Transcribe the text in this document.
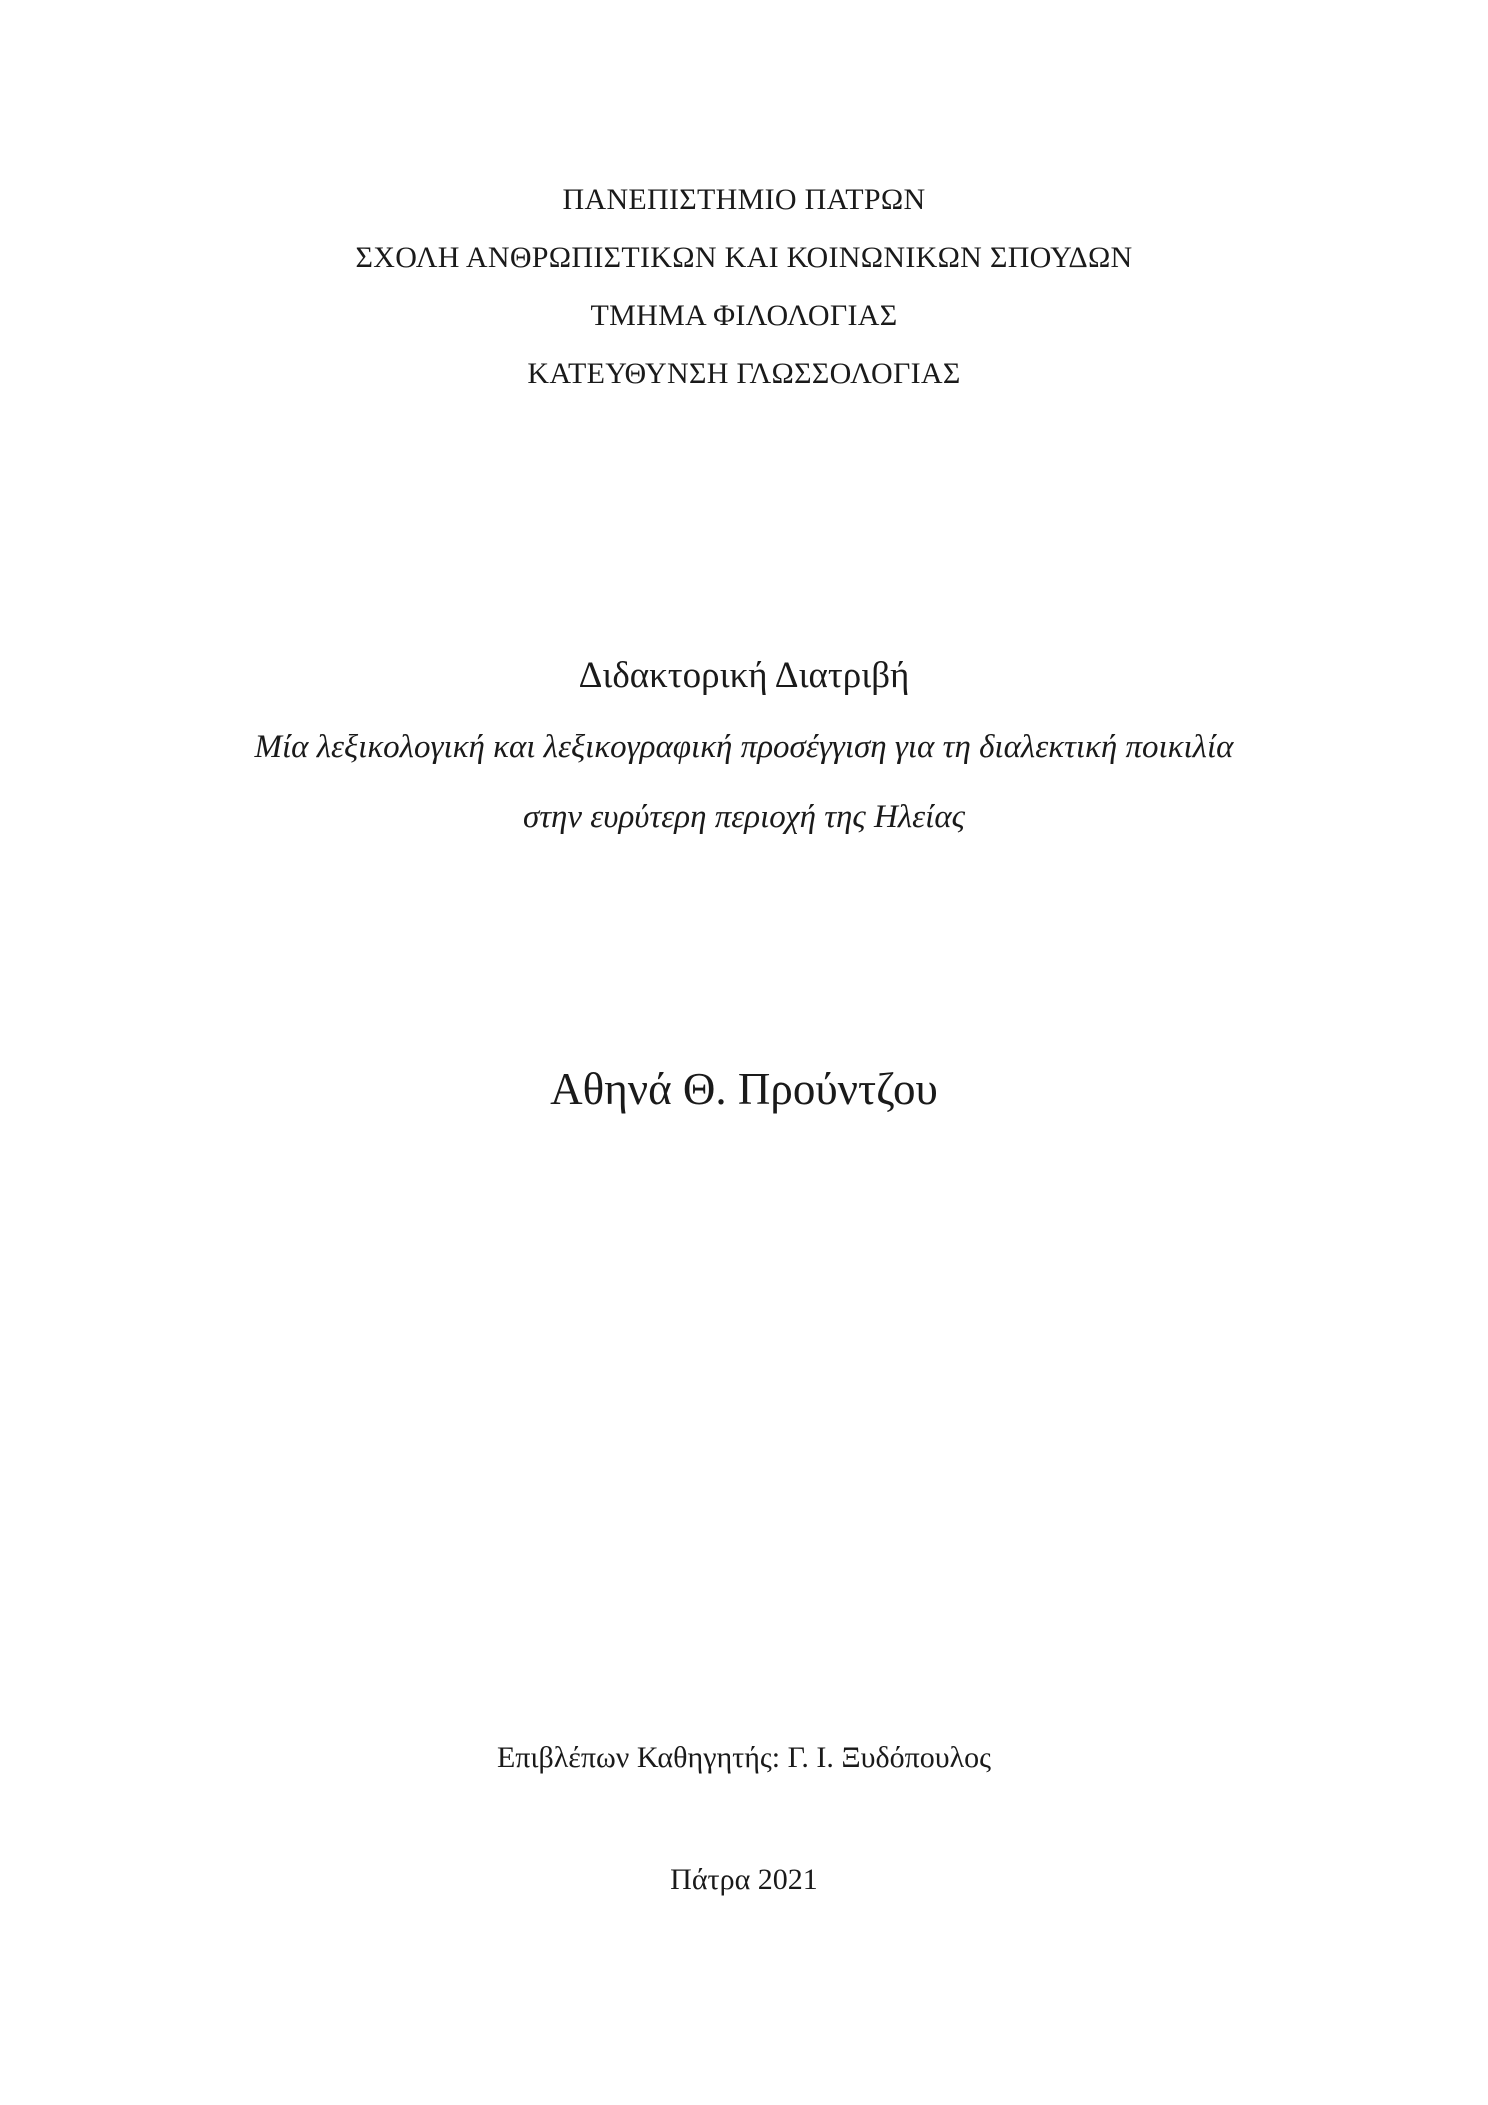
ΠΑΝΕΠΙΣΤΗΜΙΟ ΠΑΤΡΩΝ
ΣΧΟΛΗ ΑΝΘΡΩΠΙΣΤΙΚΩΝ ΚΑΙ ΚΟΙΝΩΝΙΚΩΝ ΣΠΟΥΔΩΝ
ΤΜΗΜΑ ΦΙΛΟΛΟΓΙΑΣ
ΚΑΤΕΥΘΥΝΣΗ ΓΛΩΣΣΟΛΟΓΙΑΣ
Διδακτορική Διατριβή
Μία λεξικολογική και λεξικογραφική προσέγγιση για τη διαλεκτική ποικιλία
στην ευρύτερη περιοχή της Ηλείας
Αθηνά Θ. Προύντζου
Επιβλέπων Καθηγητής: Γ. Ι. Ξυδόπουλος
Πάτρα 2021
